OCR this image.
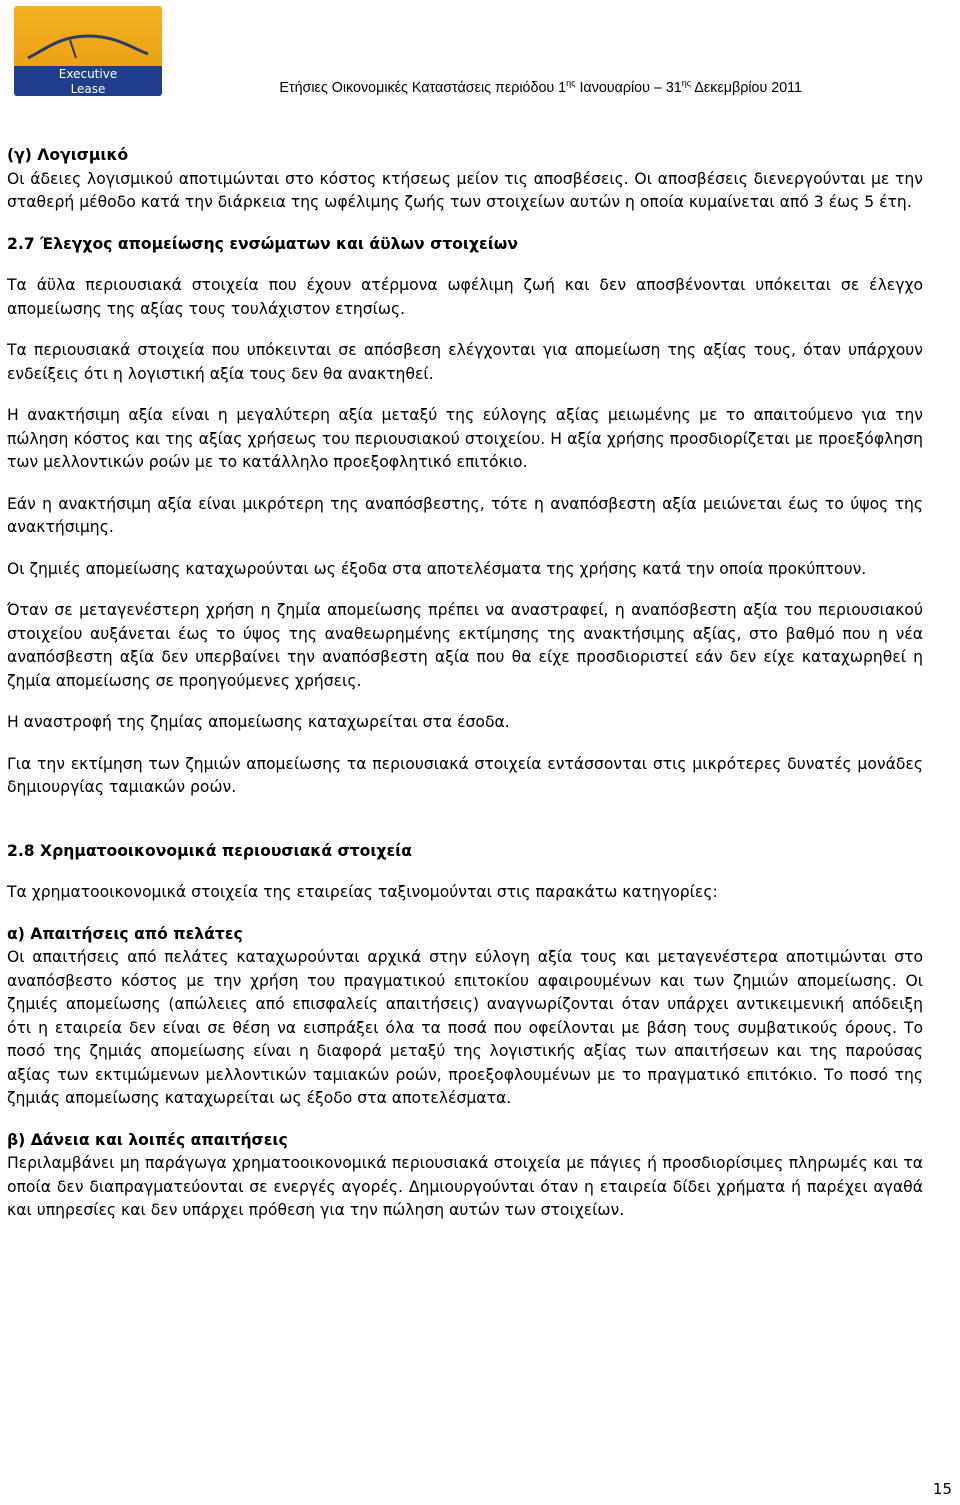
Executive
Lease	Ετήσιες Οικονομικές Καταστάσεις περιόδου $1^{\eta\varsigma}$ Ιανουαρίου – $31^{\eta\varsigma}$ Δεκεμβρίου 2011

(γ) Λογισμικό

Οι άδειες λογισμικού αποτιμώνται στο κόστος κτήσεως μείον τις αποσβέσεις. Οι αποσβέσεις διενεργούνται με την σταθερή μέθοδο κατά την διάρκεια της ωφέλιμης ζωής των στοιχείων αυτών η οποία κυμαίνεται από 3 έως 5 έτη.

2.7 Έλεγχος απομείωσης ενσώματων και άϋλων στοιχείων

Τα άϋλα περιουσιακά στοιχεία που έχουν ατέρμονα ωφέλιμη ζωή και δεν αποσβένονται υπόκειται σε έλεγχο απομείωσης της αξίας τους τουλάχιστον ετησίως.

Τα περιουσιακά στοιχεία που υπόκεινται σε απόσβεση ελέγχονται για απομείωση της αξίας τους, όταν υπάρχουν ενδείξεις ότι η λογιστική αξία τους δεν θα ανακτηθεί.

Η ανακτήσιμη αξία είναι η μεγαλύτερη αξία μεταξύ της εύλογης αξίας μειωμένης με το απαιτούμενο για την πώληση κόστος και της αξίας χρήσεως του περιουσιακού στοιχείου. Η αξία χρήσης προσδιορίζεται με προεξόφληση των μελλοντικών ροών με το κατάλληλο προεξοφλητικό επιτόκιο.

Εάν η ανακτήσιμη αξία είναι μικρότερη της αναπόσβεστης, τότε η αναπόσβεστη αξία μειώνεται έως το ύψος της ανακτήσιμης.

Οι ζημιές απομείωσης καταχωρούνται ως έξοδα στα αποτελέσματα της χρήσης κατά την οποία προκύπτουν.

Όταν σε μεταγενέστερη χρήση η ζημία απομείωσης πρέπει να αναστραφεί, η αναπόσβεστη αξία του περιουσιακού στοιχείου αυξάνεται έως το ύψος της αναθεωρημένης εκτίμησης της ανακτήσιμης αξίας, στο βαθμό που η νέα αναπόσβεστη αξία δεν υπερβαίνει την αναπόσβεστη αξία που θα είχε προσδιοριστεί εάν δεν είχε καταχωρηθεί η ζημία απομείωσης σε προηγούμενες χρήσεις.

Η αναστροφή της ζημίας απομείωσης καταχωρείται στα έσοδα.

Για την εκτίμηση των ζημιών απομείωσης τα περιουσιακά στοιχεία εντάσσονται στις μικρότερες δυνατές μονάδες δημιουργίας ταμιακών ροών.

2.8 Χρηματοοικονομικά περιουσιακά στοιχεία

Τα χρηματοοικονομικά στοιχεία της εταιρείας ταξινομούνται στις παρακάτω κατηγορίες:

α) Απαιτήσεις από πελάτες

Οι απαιτήσεις από πελάτες καταχωρούνται αρχικά στην εύλογη αξία τους και μεταγενέστερα αποτιμώνται στο αναπόσβεστο κόστος με την χρήση του πραγματικού επιτοκίου αφαιρουμένων και των ζημιών απομείωσης. Οι ζημιές απομείωσης (απώλειες από επισφαλείς απαιτήσεις) αναγνωρίζονται όταν υπάρχει αντικειμενική απόδειξη ότι η εταιρεία δεν είναι σε θέση να εισπράξει όλα τα ποσά που οφείλονται με βάση τους συμβατικούς όρους. Το ποσό της ζημιάς απομείωσης είναι η διαφορά μεταξύ της λογιστικής αξίας των απαιτήσεων και της παρούσας αξίας των εκτιμώμενων μελλοντικών ταμιακών ροών, προεξοφλουμένων με το πραγματικό επιτόκιο. Το ποσό της ζημιάς απομείωσης καταχωρείται ως έξοδο στα αποτελέσματα.

β) Δάνεια και λοιπές απαιτήσεις

Περιλαμβάνει μη παράγωγα χρηματοοικονομικά περιουσιακά στοιχεία με πάγιες ή προσδιορίσιμες πληρωμές και τα οποία δεν διαπραγματεύονται σε ενεργές αγορές. Δημιουργούνται όταν η εταιρεία δίδει χρήματα ή παρέχει αγαθά και υπηρεσίες και δεν υπάρχει πρόθεση για την πώληση αυτών των στοιχείων.

15
